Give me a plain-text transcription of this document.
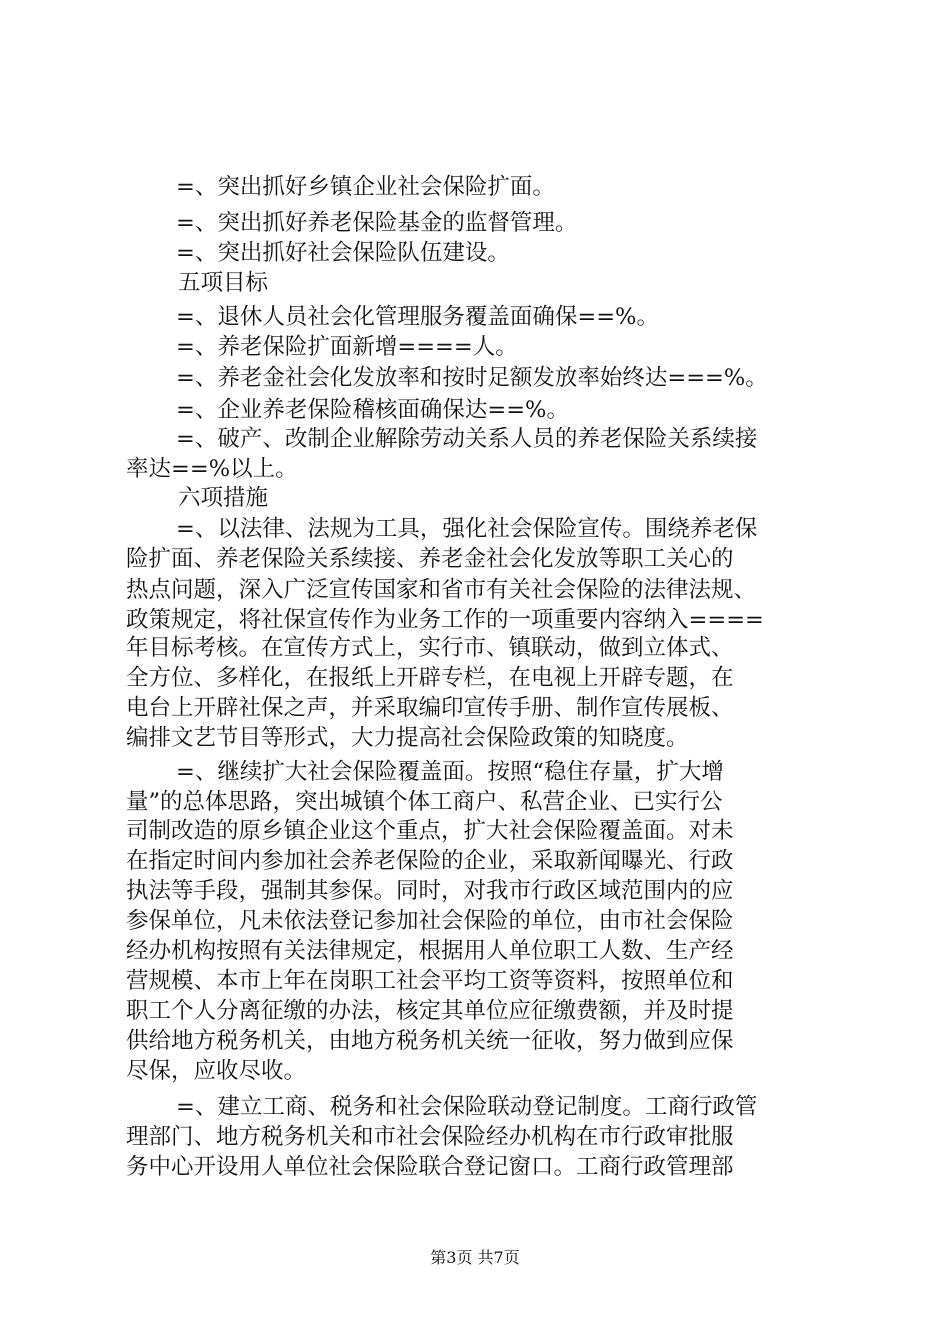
=、突出抓好乡镇企业社会保险扩面。
=、突出抓好养老保险基金的监督管理。
=、突出抓好社会保险队伍建设。
五项目标
=、退休人员社会化管理服务覆盖面确保==%。
=、养老保险扩面新增====人。
=、养老金社会化发放率和按时足额发放率始终达===%。
=、企业养老保险稽核面确保达==%。
=、破产、改制企业解除劳动关系人员的养老保险关系续接
率达==%以上。
六项措施
=、以法律、法规为工具，强化社会保险宣传。围绕养老保
险扩面、养老保险关系续接、养老金社会化发放等职工关心的
热点问题，深入广泛宣传国家和省市有关社会保险的法律法规、
政策规定，将社保宣传作为业务工作的一项重要内容纳入====
年目标考核。在宣传方式上，实行市、镇联动，做到立体式、
全方位、多样化，在报纸上开辟专栏，在电视上开辟专题，在
电台上开辟社保之声，并采取编印宣传手册、制作宣传展板、
编排文艺节目等形式，大力提高社会保险政策的知晓度。
=、继续扩大社会保险覆盖面。按照“稳住存量，扩大增
量”的总体思路，突出城镇个体工商户、私营企业、已实行公
司制改造的原乡镇企业这个重点，扩大社会保险覆盖面。对未
在指定时间内参加社会养老保险的企业，采取新闻曝光、行政
执法等手段，强制其参保。同时，对我市行政区域范围内的应
参保单位，凡未依法登记参加社会保险的单位，由市社会保险
经办机构按照有关法律规定，根据用人单位职工人数、生产经
营规模、本市上年在岗职工社会平均工资等资料，按照单位和
职工个人分离征缴的办法，核定其单位应征缴费额，并及时提
供给地方税务机关，由地方税务机关统一征收，努力做到应保
尽保，应收尽收。
=、建立工商、税务和社会保险联动登记制度。工商行政管
理部门、地方税务机关和市社会保险经办机构在市行政审批服
务中心开设用人单位社会保险联合登记窗口。工商行政管理部
第3页 共7页
